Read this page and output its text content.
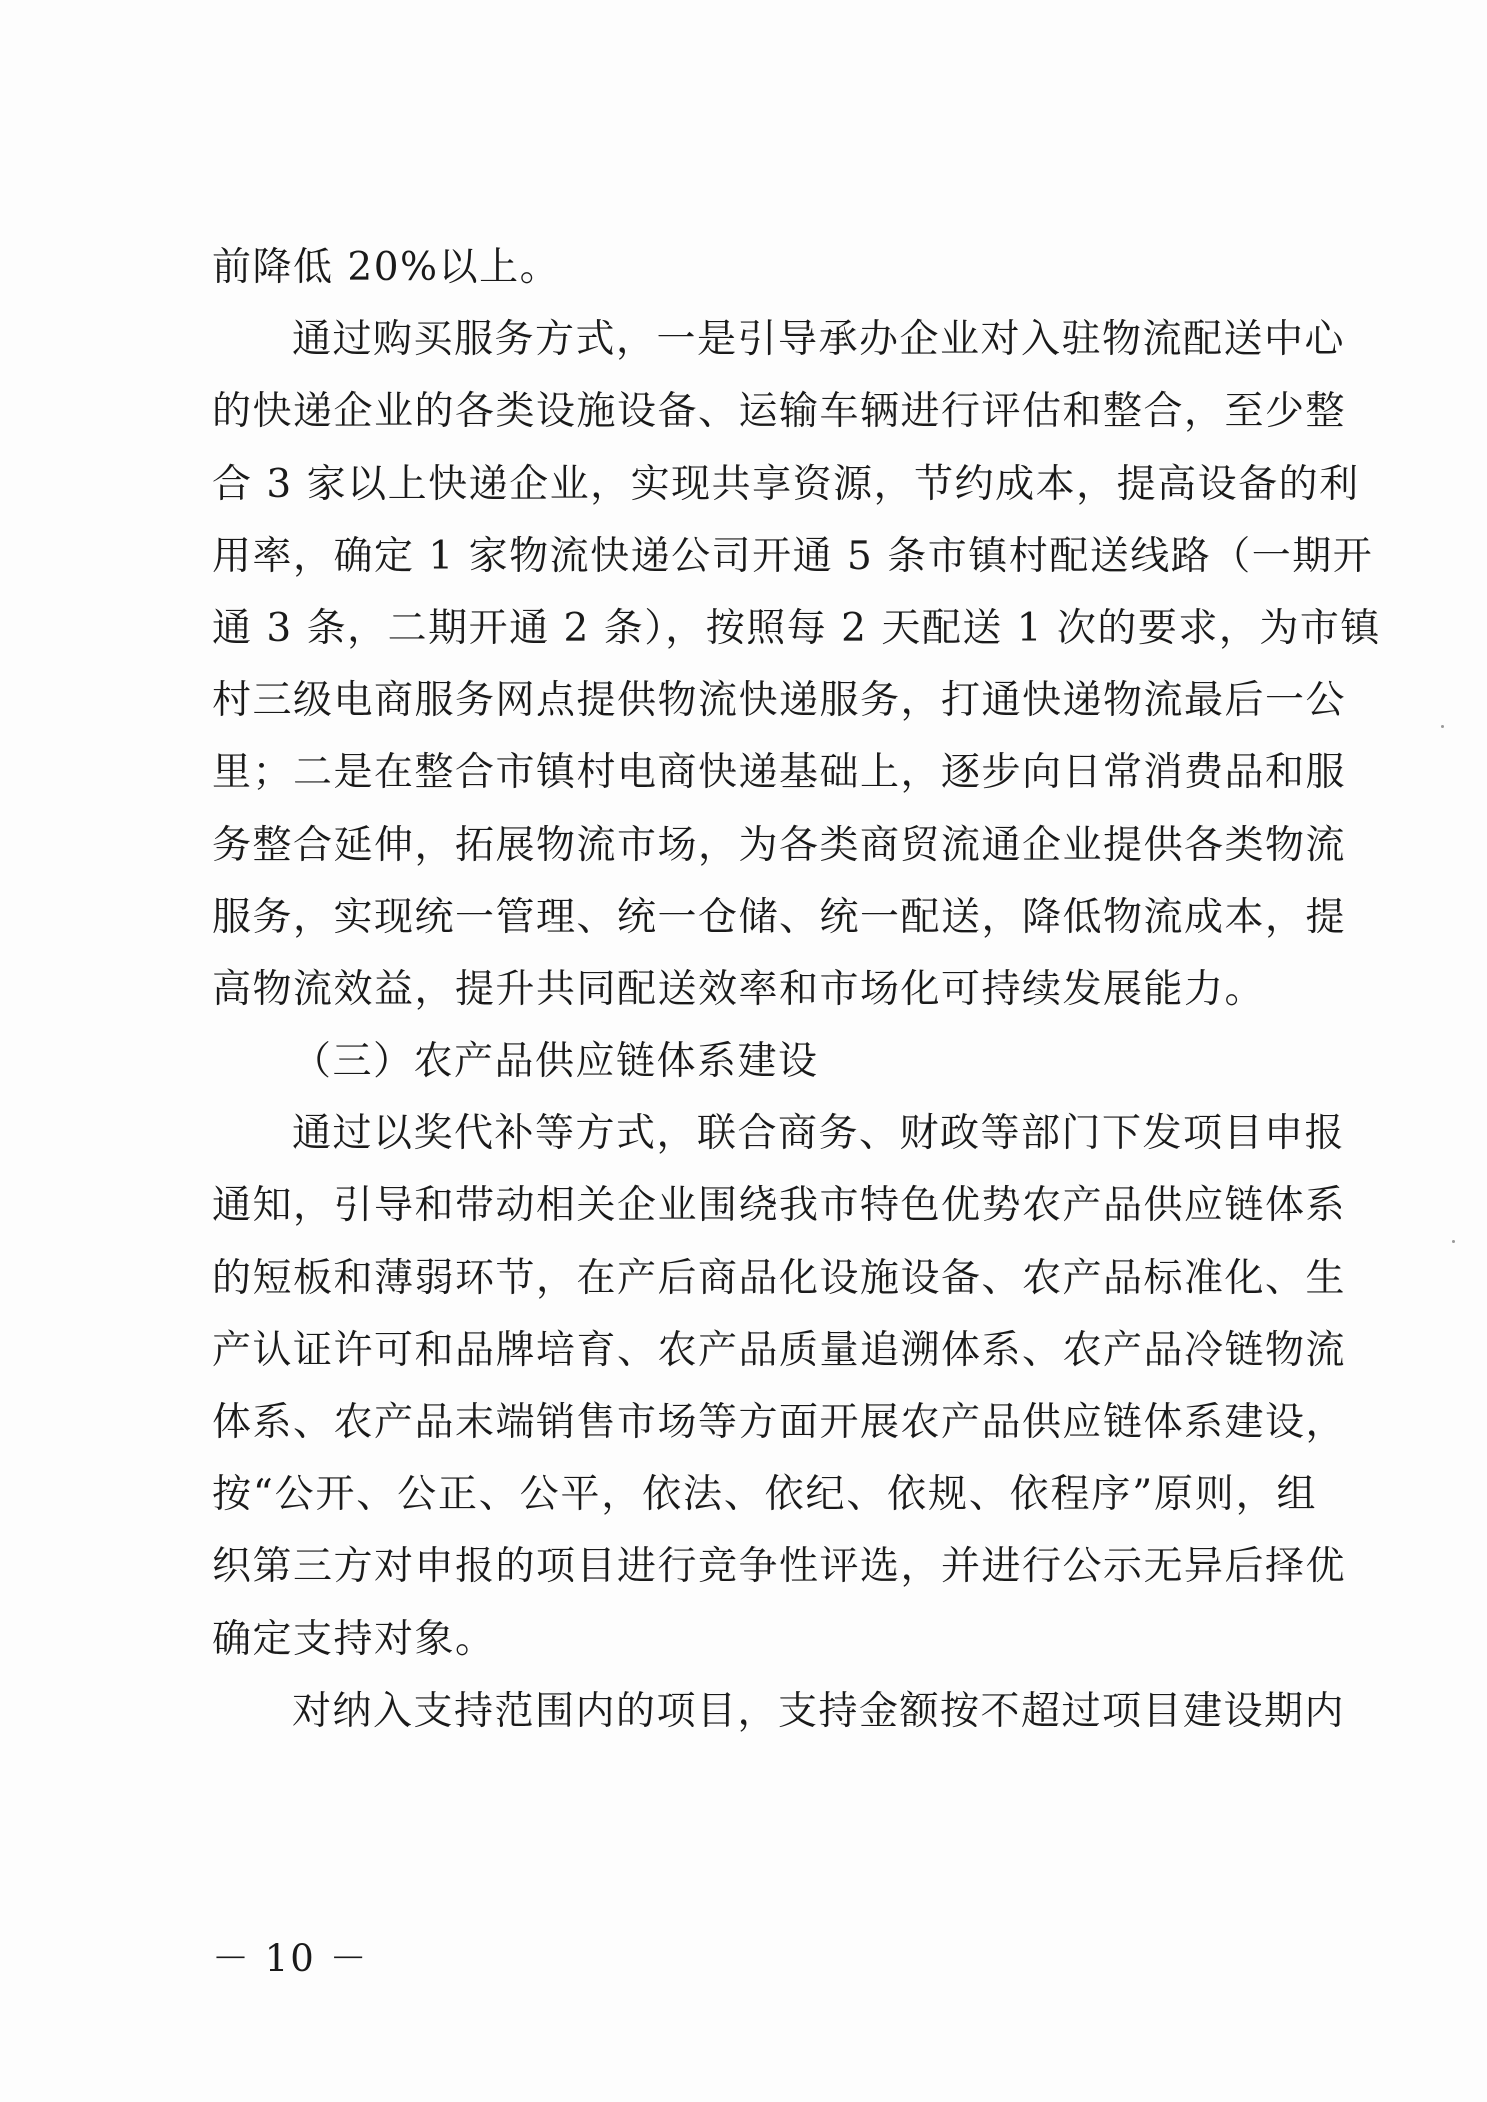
前降低 20%以上。
通过购买服务方式，一是引导承办企业对入驻物流配送中心
的快递企业的各类设施设备、运输车辆进行评估和整合，至少整
合 3 家以上快递企业，实现共享资源，节约成本，提高设备的利
用率，确定 1 家物流快递公司开通 5 条市镇村配送线路（一期开
通 3 条，二期开通 2 条），按照每 2 天配送 1 次的要求，为市镇
村三级电商服务网点提供物流快递服务，打通快递物流最后一公
里；二是在整合市镇村电商快递基础上，逐步向日常消费品和服
务整合延伸，拓展物流市场，为各类商贸流通企业提供各类物流
服务，实现统一管理、统一仓储、统一配送，降低物流成本，提
高物流效益，提升共同配送效率和市场化可持续发展能力。
（三）农产品供应链体系建设
通过以奖代补等方式，联合商务、财政等部门下发项目申报
通知，引导和带动相关企业围绕我市特色优势农产品供应链体系
的短板和薄弱环节，在产后商品化设施设备、农产品标准化、生
产认证许可和品牌培育、农产品质量追溯体系、农产品冷链物流
体系、农产品末端销售市场等方面开展农产品供应链体系建设，
按“公开、公正、公平，依法、依纪、依规、依程序”原则，组
织第三方对申报的项目进行竞争性评选，并进行公示无异后择优
确定支持对象。
对纳入支持范围内的项目，支持金额按不超过项目建设期内
－ 10 －
